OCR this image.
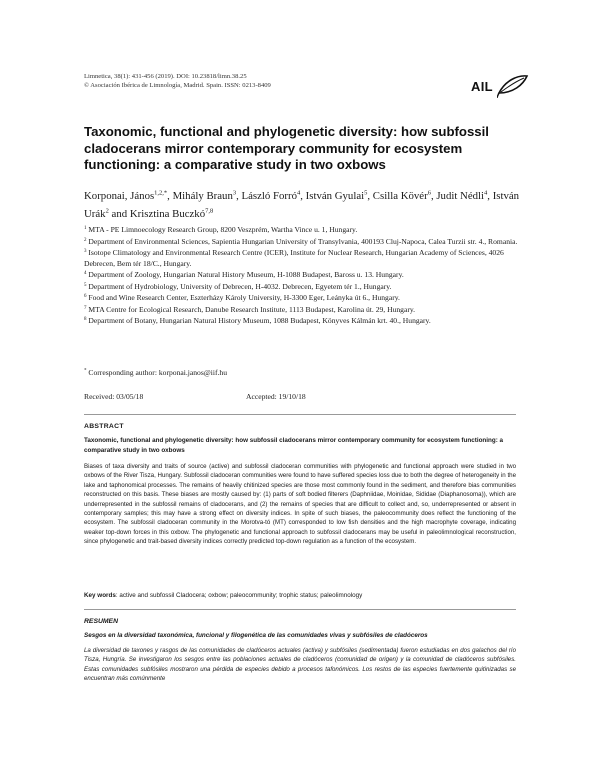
Limnetica, 38(1): 431-456 (2019). DOI: 10.23818/limn.38.25
© Asociación Ibérica de Limnología, Madrid. Spain. ISSN: 0213-8409	AIL
Taxonomic, functional and phylogenetic diversity: how subfossil cladocerans mirror contemporary community for ecosystem functioning: a comparative study in two oxbows
Korponai, János$^{1,2,*}$, Mihály Braun$^3$, László Forró$^4$, István Gyulai$^5$, Csilla Kövér$^6$, Judit Nédli$^4$, István Urák$^2$ and Krisztina Buczkó$^{7,8}$
$^1$ MTA - PE Limnoecology Research Group, 8200 Veszprém, Wartha Vince u. 1, Hungary.
$^2$ Department of Environmental Sciences, Sapientia Hungarian University of Transylvania, 400193 Cluj-Napoca, Calea Turzii str. 4., Romania.
$^3$ Isotope Climatology and Environmental Research Centre (ICER), Institute for Nuclear Research, Hungarian Academy of Sciences, 4026 Debrecen, Bem tér 18/C., Hungary.
$^4$ Department of Zoology, Hungarian Natural History Museum, H-1088 Budapest, Baross u. 13. Hungary.
$^5$ Department of Hydrobiology, University of Debrecen, H-4032. Debrecen, Egyetem tér 1., Hungary.
$^6$ Food and Wine Research Center, Eszterházy Károly University, H-3300 Eger, Leányka út 6., Hungary.
$^7$ MTA Centre for Ecological Research, Danube Research Institute, 1113 Budapest, Karolina út. 29, Hungary.
$^8$ Department of Botany, Hungarian Natural History Museum, 1088 Budapest, Könyves Kálmán krt. 40., Hungary.
* Corresponding author: korponai.janos@iif.hu
Received: 03/05/18	Accepted: 19/10/18
ABSTRACT
Taxonomic, functional and phylogenetic diversity: how subfossil cladocerans mirror contemporary community for ecosystem functioning: a comparative study in two oxbows
Biases of taxa diversity and traits of source (active) and subfossil cladoceran communities with phylogenetic and functional approach were studied in two oxbows of the River Tisza, Hungary. Subfossil cladoceran communities were found to have suffered species loss due to both the degree of heterogeneity in the lake and taphonomical processes. The remains of heavily chitinized species are those most commonly found in the sediment, and therefore bias communities reconstructed on this basis. These biases are mostly caused by: (1) parts of soft bodied filterers (Daphniidae, Moinidae, Sididae (Diaphanosoma)), which are underrepresented in the subfossil remains of cladocerans, and (2) the remains of species that are difficult to collect and, so, underrepresented or absent in contemporary samples; this may have a strong effect on diversity indices. In spite of such biases, the paleocommunity does reflect the functioning of the ecosystem. The subfossil cladoceran community in the Morotva-tó (MT) corresponded to low fish densities and the high macrophyte coverage, indicating weaker top-down forces in this oxbow. The phylogenetic and functional approach to subfossil cladocerans may be useful in paleolimnological reconstruction, since phylogenetic and trait-based diversity indices correctly predicted top-down regulation as a function of the ecosystem.
Key words: active and subfossil Cladocera; oxbow; paleocommunity; trophic status; paleolimnology
RESUMEN
Sesgos en la diversidad taxonómica, funcional y filogenética de las comunidades vivas y subfósiles de cladóceros
La diversidad de taxones y rasgos de las comunidades de cladóceros actuales (activa) y subfósiles (sedimentada) fueron estudiadas en dos galachos del río Tisza, Hungría. Se investigaron los sesgos entre las poblaciones actuales de cladóceros (comunidad de origen) y la comunidad de cladóceros subfósiles. Estas comunidades subfósiles mostraron una pérdida de especies debido a procesos tafonómicos. Los restos de las especies fuertemente quitinizadas se encuentran más comúnmente
